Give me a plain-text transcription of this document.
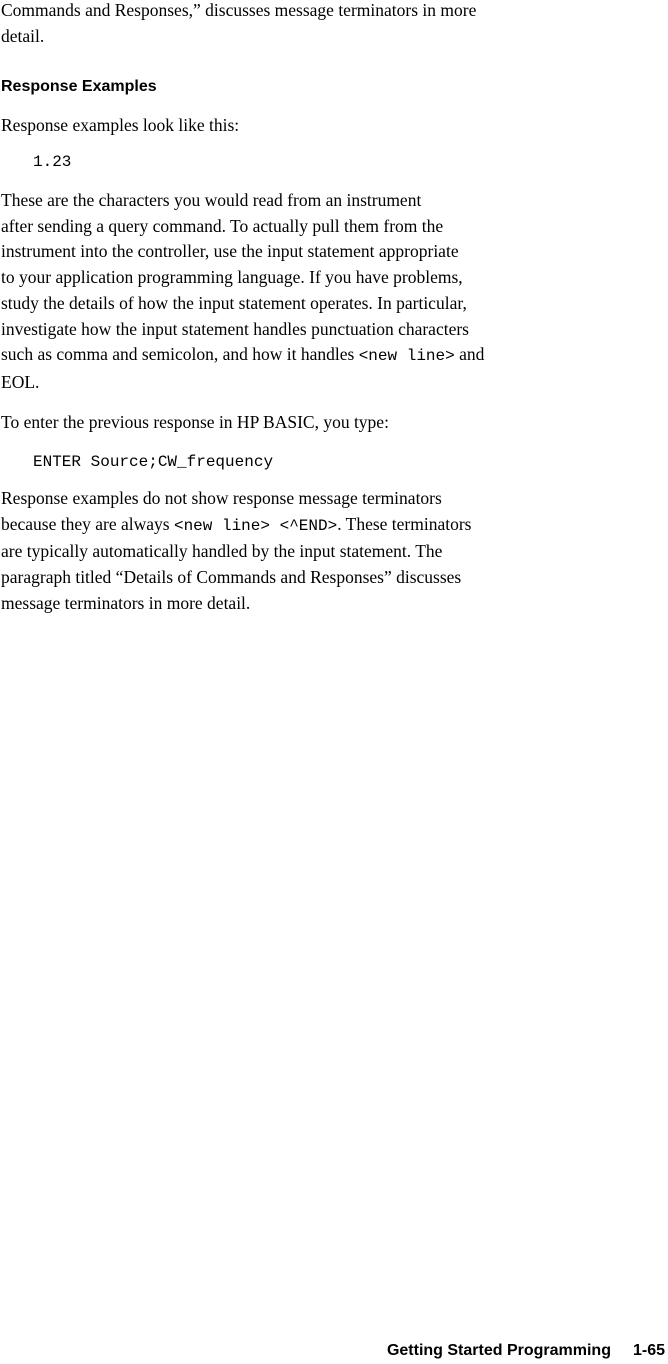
Commands and Responses,” discusses message terminators in more
detail.

Response Examples

Response examples look like this:

1.23

These are the characters you would read from an instrument
after sending a query command. To actually pull them from the
instrument into the controller, use the input statement appropriate
to your application programming language. If you have problems,
study the details of how the input statement operates. In particular,
investigate how the input statement handles punctuation characters
such as comma and semicolon, and how it handles <new line> and
EOL.

To enter the previous response in HP BASIC, you type:

ENTER Source;CW_frequency

Response examples do not show response message terminators
because they are always <new line> <^END>. These terminators
are typically automatically handled by the input statement. The
paragraph titled “Details of Commands and Responses” discusses
message terminators in more detail.

Getting Started Programming 1-65
